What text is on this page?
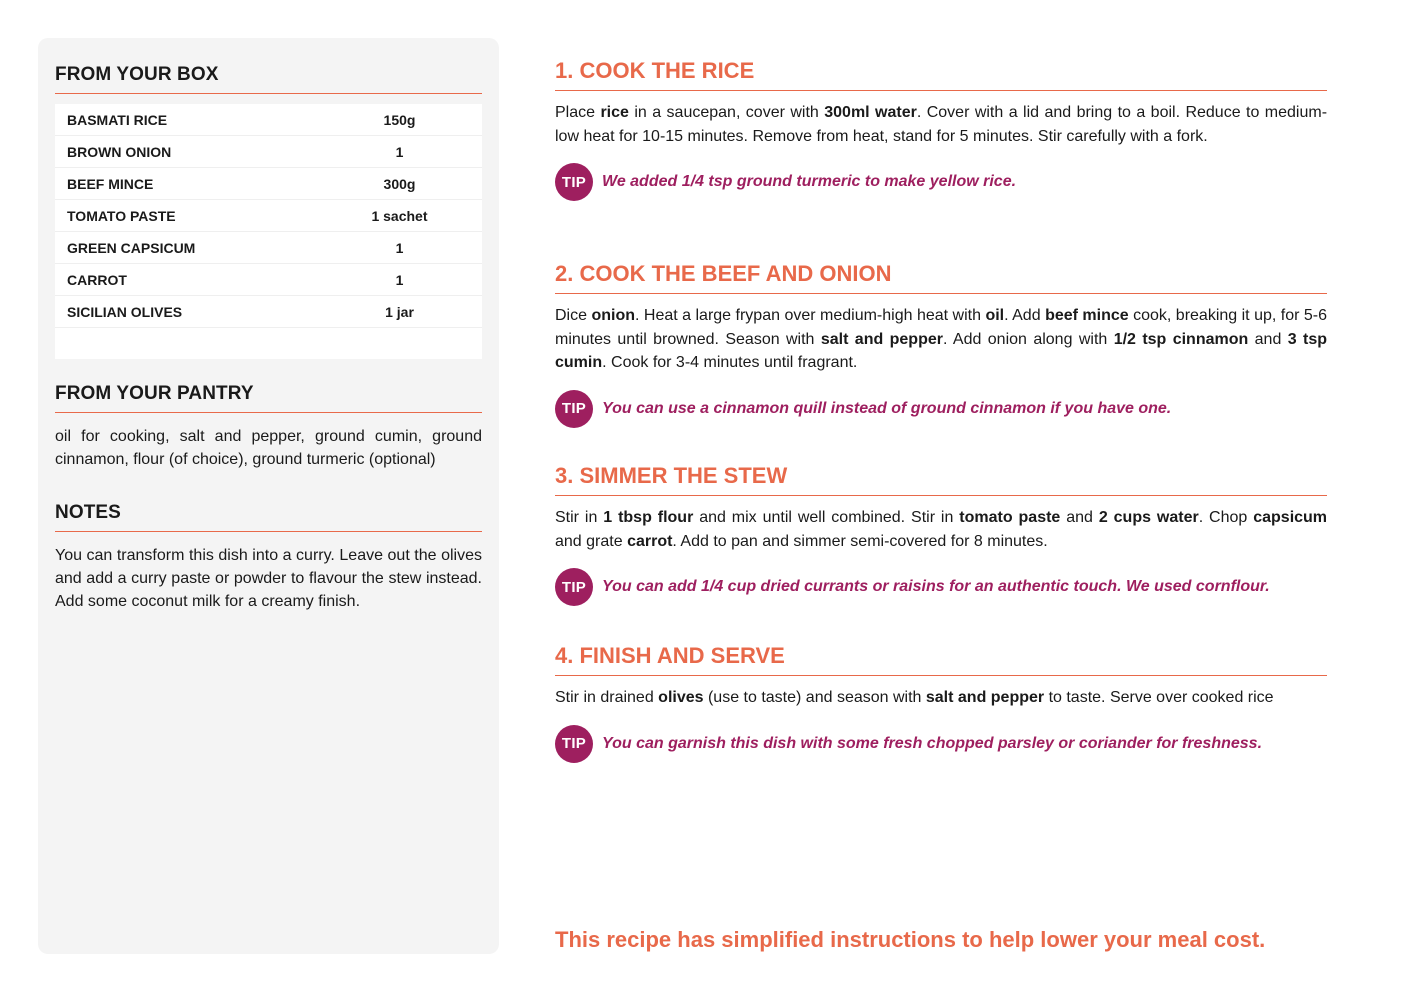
FROM YOUR BOX
BASMATI RICE	150g
BROWN ONION	1
BEEF MINCE	300g
TOMATO PASTE	1 sachet
GREEN CAPSICUM	1
CARROT	1
SICILIAN OLIVES	1 jar

FROM YOUR PANTRY
oil for cooking, salt and pepper, ground cumin, ground cinnamon, flour (of choice), ground turmeric (optional)
NOTES
You can transform this dish into a curry. Leave out the olives and add a curry paste or powder to flavour the stew instead. Add some coconut milk for a creamy finish.
1. COOK THE RICE
Place rice in a saucepan, cover with 300ml water. Cover with a lid and bring to a boil. Reduce to medium-low heat for 10-15 minutes. Remove from heat, stand for 5 minutes. Stir carefully with a fork.
TIP We added 1/4 tsp ground turmeric to make yellow rice.
2. COOK THE BEEF AND ONION
Dice onion. Heat a large frypan over medium-high heat with oil. Add beef mince cook, breaking it up, for 5-6 minutes until browned. Season with salt and pepper. Add onion along with 1/2 tsp cinnamon and 3 tsp cumin. Cook for 3-4 minutes until fragrant.
TIP You can use a cinnamon quill instead of ground cinnamon if you have one.
3. SIMMER THE STEW
Stir in 1 tbsp flour and mix until well combined. Stir in tomato paste and 2 cups water. Chop capsicum and grate carrot. Add to pan and simmer semi-covered for 8 minutes.
TIP You can add 1/4 cup dried currants or raisins for an authentic touch. We used cornflour.
4. FINISH AND SERVE
Stir in drained olives (use to taste) and season with salt and pepper to taste. Serve over cooked rice
TIP You can garnish this dish with some fresh chopped parsley or coriander for freshness.

This recipe has simplified instructions to help lower your meal cost.
